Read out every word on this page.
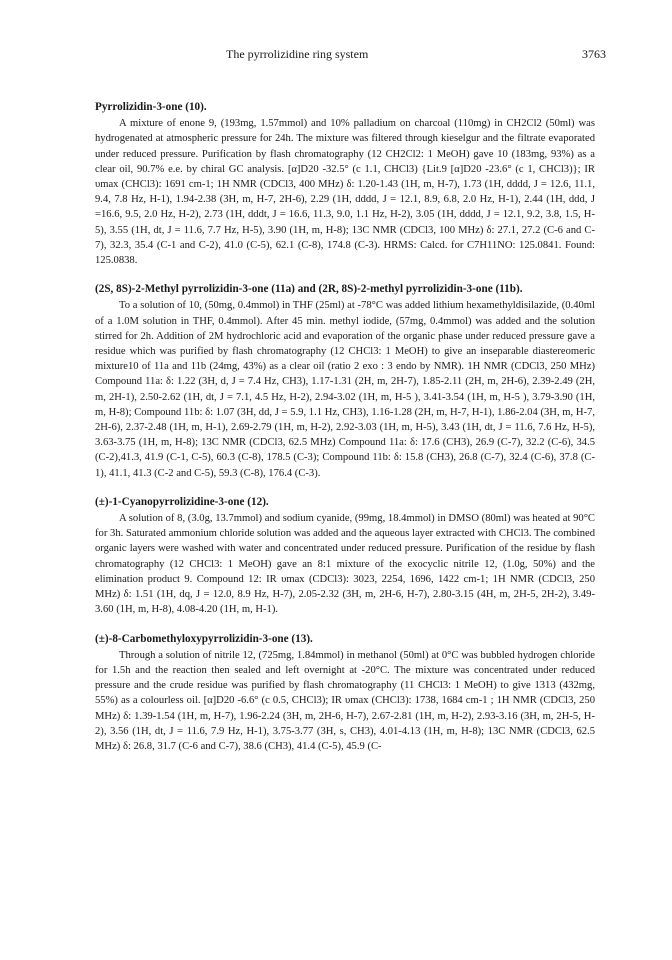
The pyrrolizidine ring system	3763
Pyrrolizidin-3-one (10).

A mixture of enone 9, (193mg, 1.57mmol) and 10% palladium on charcoal (110mg) in CH2Cl2 (50ml) was hydrogenated at atmospheric pressure for 24h. The mixture was filtered through kieselgur and the filtrate evaporated under reduced pressure. Purification by flash chromatography (12 CH2Cl2: 1 MeOH) gave 10 (183mg, 93%) as a clear oil, 90.7% e.e. by chiral GC analysis. [α]D20 -32.5° (c 1.1, CHCl3) {Lit.9 [α]D20 -23.6° (c 1, CHCl3)}; IR υmax (CHCl3): 1691 cm-1; 1H NMR (CDCl3, 400 MHz) δ: 1.20-1.43 (1H, m, H-7), 1.73 (1H, dddd, J = 12.6, 11.1, 9.4, 7.8 Hz, H-1), 1.94-2.38 (3H, m, H-7, 2H-6), 2.29 (1H, dddd, J = 12.1, 8.9, 6.8, 2.0 Hz, H-1), 2.44 (1H, ddd, J =16.6, 9.5, 2.0 Hz, H-2), 2.73 (1H, dddt, J = 16.6, 11.3, 9.0, 1.1 Hz, H-2), 3.05 (1H, dddd, J = 12.1, 9.2, 3.8, 1.5, H-5), 3.55 (1H, dt, J = 11.6, 7.7 Hz, H-5), 3.90 (1H, m, H-8); 13C NMR (CDCl3, 100 MHz) δ: 27.1, 27.2 (C-6 and C-7), 32.3, 35.4 (C-1 and C-2), 41.0 (C-5), 62.1 (C-8), 174.8 (C-3). HRMS: Calcd. for C7H11NO: 125.0841. Found: 125.0838.

(2S, 8S)-2-Methyl pyrrolizidin-3-one (11a) and (2R, 8S)-2-methyl pyrrolizidin-3-one (11b).

To a solution of 10, (50mg, 0.4mmol) in THF (25ml) at -78°C was added lithium hexamethyldisilazide, (0.40ml of a 1.0M solution in THF, 0.4mmol). After 45 min. methyl iodide, (57mg, 0.4mmol) was added and the solution stirred for 2h. Addition of 2M hydrochloric acid and evaporation of the organic phase under reduced pressure gave a residue which was purified by flash chromatography (12 CHCl3: 1 MeOH) to give an inseparable diastereomeric mixture10 of 11a and 11b (24mg, 43%) as a clear oil (ratio 2 exo : 3 endo by NMR). 1H NMR (CDCl3, 250 MHz) Compound 11a: δ: 1.22 (3H, d, J = 7.4 Hz, CH3), 1.17-1.31 (2H, m, 2H-7), 1.85-2.11 (2H, m, 2H-6), 2.39-2.49 (2H, m, 2H-1), 2.50-2.62 (1H, dt, J = 7.1, 4.5 Hz, H-2), 2.94-3.02 (1H, m, H-5 ), 3.41-3.54 (1H, m, H-5 ), 3.79-3.90 (1H, m, H-8); Compound 11b: δ: 1.07 (3H, dd, J = 5.9, 1.1 Hz, CH3), 1.16-1.28 (2H, m, H-7, H-1), 1.86-2.04 (3H, m, H-7, 2H-6), 2.37-2.48 (1H, m, H-1), 2.69-2.79 (1H, m, H-2), 2.92-3.03 (1H, m, H-5), 3.43 (1H, dt, J = 11.6, 7.6 Hz, H-5), 3.63-3.75 (1H, m, H-8); 13C NMR (CDCl3, 62.5 MHz) Compound 11a: δ: 17.6 (CH3), 26.9 (C-7), 32.2 (C-6), 34.5 (C-2),41.3, 41.9 (C-1, C-5), 60.3 (C-8), 178.5 (C-3); Compound 11b: δ: 15.8 (CH3), 26.8 (C-7), 32.4 (C-6), 37.8 (C-1), 41.1, 41.3 (C-2 and C-5), 59.3 (C-8), 176.4 (C-3).

(±)-1-Cyanopyrrolizidine-3-one (12).

A solution of 8, (3.0g, 13.7mmol) and sodium cyanide, (99mg, 18.4mmol) in DMSO (80ml) was heated at 90°C for 3h. Saturated ammonium chloride solution was added and the aqueous layer extracted with CHCl3. The combined organic layers were washed with water and concentrated under reduced pressure. Purification of the residue by flash chromatography (12 CHCl3: 1 MeOH) gave an 8:1 mixture of the exocyclic nitrile 12, (1.0g, 50%) and the elimination product 9. Compound 12: IR υmax (CDCl3): 3023, 2254, 1696, 1422 cm-1; 1H NMR (CDCl3, 250 MHz) δ: 1.51 (1H, dq, J = 12.0, 8.9 Hz, H-7), 2.05-2.32 (3H, m, 2H-6, H-7), 2.80-3.15 (4H, m, 2H-5, 2H-2), 3.49-3.60 (1H, m, H-8), 4.08-4.20 (1H, m, H-1).

(±)-8-Carbomethyloxypyrrolizidin-3-one (13).

Through a solution of nitrile 12, (725mg, 1.84mmol) in methanol (50ml) at 0°C was bubbled hydrogen chloride for 1.5h and the reaction then sealed and left overnight at -20°C. The mixture was concentrated under reduced pressure and the crude residue was purified by flash chromatography (11 CHCl3: 1 MeOH) to give 1313 (432mg, 55%) as a colourless oil. [α]D20 -6.6° (c 0.5, CHCl3); IR υmax (CHCl3): 1738, 1684 cm-1 ; 1H NMR (CDCl3, 250 MHz) δ: 1.39-1.54 (1H, m, H-7), 1.96-2.24 (3H, m, 2H-6, H-7), 2.67-2.81 (1H, m, H-2), 2.93-3.16 (3H, m, 2H-5, H-2), 3.56 (1H, dt, J = 11.6, 7.9 Hz, H-1), 3.75-3.77 (3H, s, CH3), 4.01-4.13 (1H, m, H-8); 13C NMR (CDCl3, 62.5 MHz) δ: 26.8, 31.7 (C-6 and C-7), 38.6 (CH3), 41.4 (C-5), 45.9 (C-
